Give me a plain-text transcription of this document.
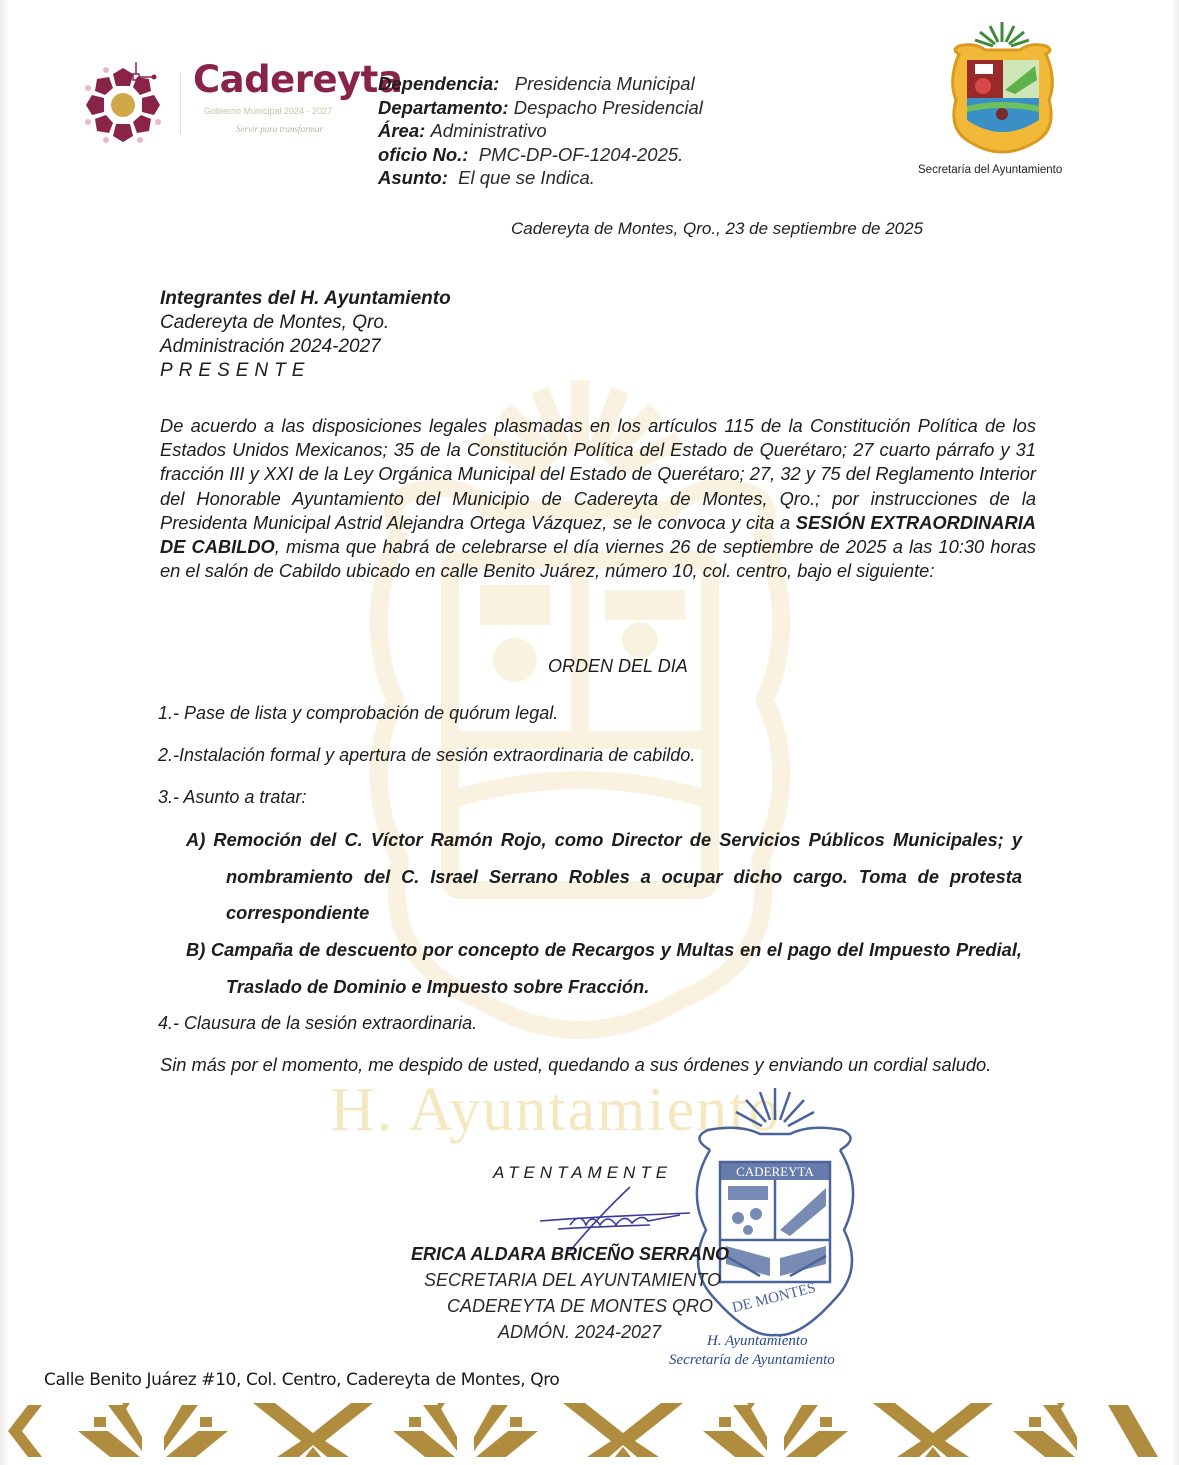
H. Ayuntamiento
Cadereyta
Gobierno Municipal 2024 - 2027
Servir para transformar
Dependencia: Presidencia Municipal
Departamento: Despacho Presidencial
Área: Administrativo
oficio No.: PMC-DP-OF-1204-2025.
Asunto: El que se Indica.	Secretaría del Ayuntamiento
Cadereyta de Montes, Qro., 23 de septiembre de 2025
Integrantes del H. Ayuntamiento
Cadereyta de Montes, Qro.
Administración 2024-2027
PRESENTE
De acuerdo a las disposiciones legales plasmadas en los artículos 115 de la Constitución Política de los Estados Unidos Mexicanos; 35 de la Constitución Política del Estado de Querétaro; 27 cuarto párrafo y 31 fracción III y XXI de la Ley Orgánica Municipal del Estado de Querétaro; 27, 32 y 75 del Reglamento Interior del Honorable Ayuntamiento del Municipio de Cadereyta de Montes, Qro.; por instrucciones de la Presidenta Municipal Astrid Alejandra Ortega Vázquez, se le convoca y cita a SESIÓN EXTRAORDINARIA DE CABILDO, misma que habrá de celebrarse el día viernes 26 de septiembre de 2025 a las 10:30 horas en el salón de Cabildo ubicado en calle Benito Juárez, número 10, col. centro, bajo el siguiente:
ORDEN DEL DIA
1.- Pase de lista y comprobación de quórum legal.
2.-Instalación formal y apertura de sesión extraordinaria de cabildo.
3.- Asunto a tratar:
A) Remoción del C. Víctor Ramón Rojo, como Director de Servicios Públicos Municipales; y nombramiento del C. Israel Serrano Robles a ocupar dicho cargo. Toma de protesta correspondiente
B) Campaña de descuento por concepto de Recargos y Multas en el pago del Impuesto Predial, Traslado de Dominio e Impuesto sobre Fracción.
4.- Clausura de la sesión extraordinaria.
Sin más por el momento, me despido de usted, quedando a sus órdenes y enviando un cordial saludo.
CADEREYTA
DE MONTES
ATENTAMENTE
ERICA ALDARA BRICEÑO SERRANO
SECRETARIA DEL AYUNTAMIENTO
CADEREYTA DE MONTES QRO
ADMÓN. 2024-2027	H. Ayuntamiento
Secretaría de Ayuntamiento
Calle Benito Juárez #10, Col. Centro, Cadereyta de Montes, Qro
